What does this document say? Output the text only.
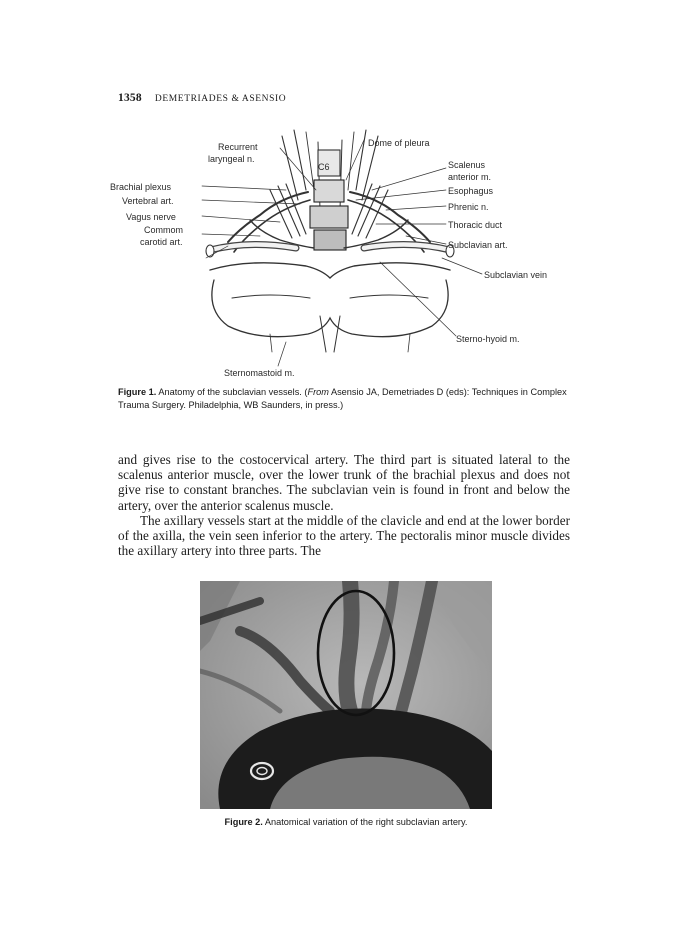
1358 DEMETRIADES & ASENSIO
C6
Recurrent
laryngeal n.
Dome of pleura
Scalenus
anterior m.
Esophagus
Phrenic n.
Thoracic duct
Subclavian art.
Subclavian vein
Brachial plexus
Vertebral art.
Vagus nerve
Commom
carotid art.
Sterno-hyoid m.
Sternomastoid m.
Figure 1. Anatomy of the subclavian vessels. (From Asensio JA, Demetriades D (eds): Techniques in Complex Trauma Surgery. Philadelphia, WB Saunders, in press.)

and gives rise to the costocervical artery. The third part is situated lateral to the scalenus anterior muscle, over the lower trunk of the brachial plexus and does not give rise to constant branches. The subclavian vein is found in front and below the artery, over the anterior scalenus muscle.

The axillary vessels start at the middle of the clavicle and end at the lower border of the axilla, the vein seen inferior to the artery. The pectoralis minor muscle divides the axillary artery into three parts. The

Figure 2. Anatomical variation of the right subclavian artery.
